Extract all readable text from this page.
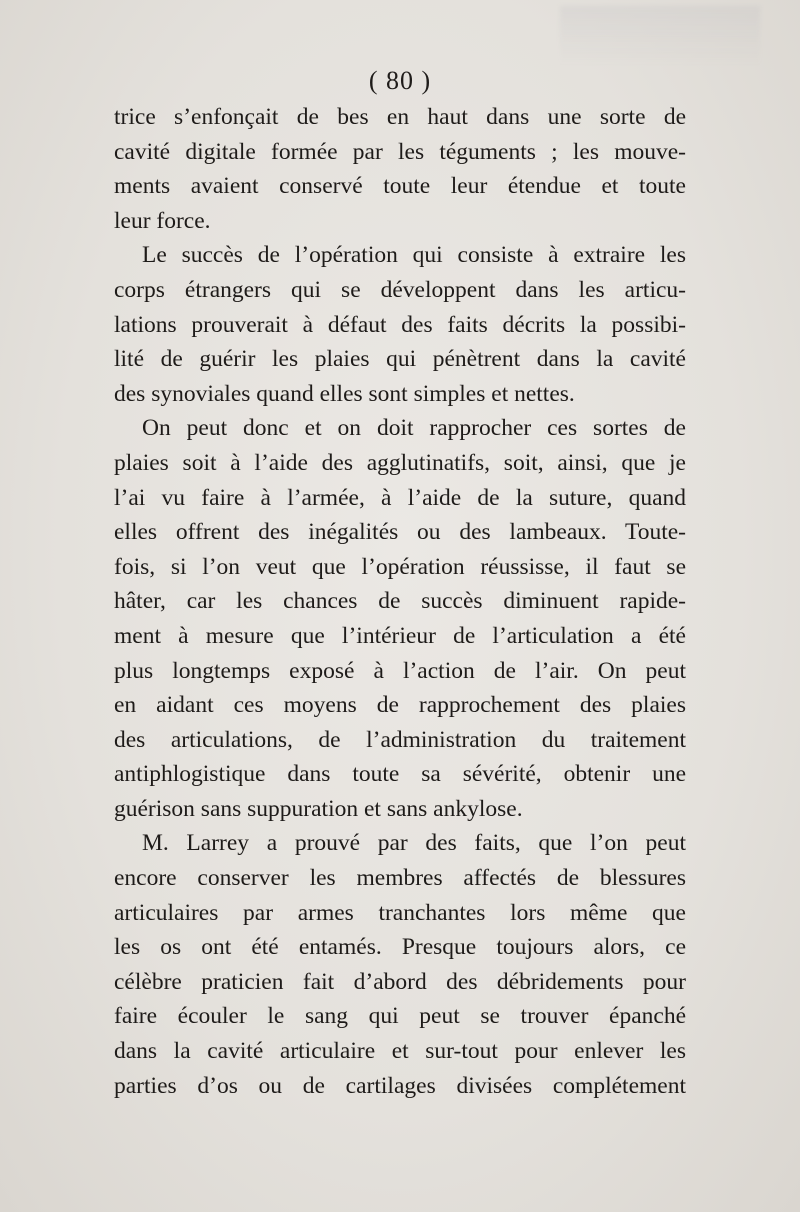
( 80 )
trice s’enfonçait de bes en haut dans une sorte de
cavité digitale formée par les téguments ; les mouve-
ments avaient conservé toute leur étendue et toute
leur force.
Le succès de l’opération qui consiste à extraire les
corps étrangers qui se développent dans les articu-
lations prouverait à défaut des faits décrits la possibi-
lité de guérir les plaies qui pénètrent dans la cavité
des synoviales quand elles sont simples et nettes.
On peut donc et on doit rapprocher ces sortes de
plaies soit à l’aide des agglutinatifs, soit, ainsi, que je
l’ai vu faire à l’armée, à l’aide de la suture, quand
elles offrent des inégalités ou des lambeaux. Toute-
fois, si l’on veut que l’opération réussisse, il faut se
hâter, car les chances de succès diminuent rapide-
ment à mesure que l’intérieur de l’articulation a été
plus longtemps exposé à l’action de l’air. On peut
en aidant ces moyens de rapprochement des plaies
des articulations, de l’administration du traitement
antiphlogistique dans toute sa sévérité, obtenir une
guérison sans suppuration et sans ankylose.
M. Larrey a prouvé par des faits, que l’on peut
encore conserver les membres affectés de blessures
articulaires par armes tranchantes lors même que
les os ont été entamés. Presque toujours alors, ce
célèbre praticien fait d’abord des débridements pour
faire écouler le sang qui peut se trouver épanché
dans la cavité articulaire et sur-tout pour enlever les
parties d’os ou de cartilages divisées complétement
